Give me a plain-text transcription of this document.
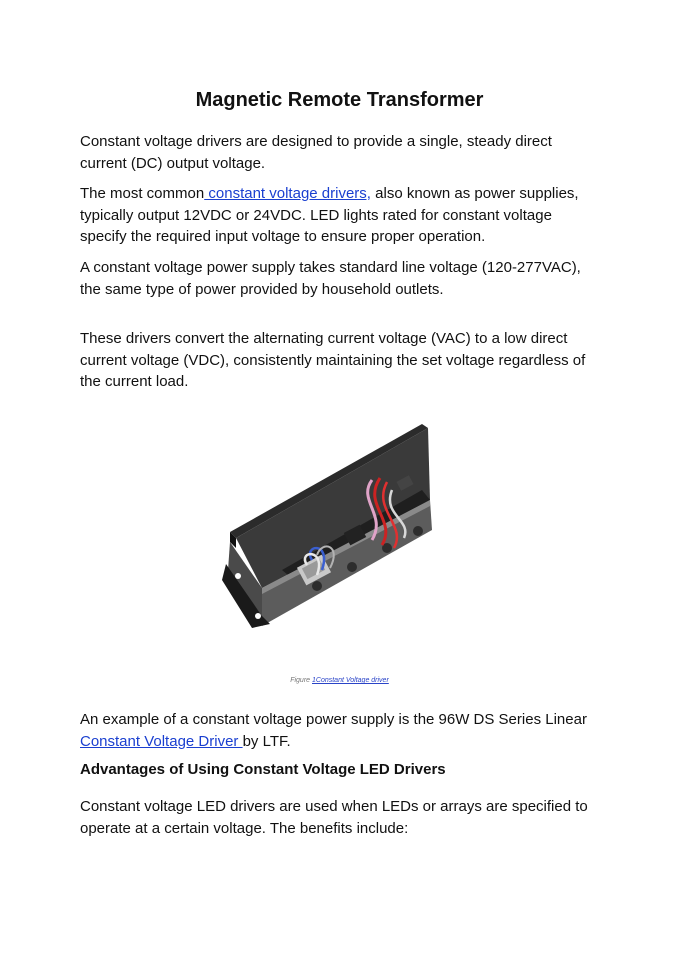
Magnetic Remote Transformer

Constant voltage drivers are designed to provide a single, steady direct current (DC) output voltage.

The most common constant voltage drivers, also known as power supplies, typically output 12VDC or 24VDC. LED lights rated for constant voltage specify the required input voltage to ensure proper operation.

A constant voltage power supply takes standard line voltage (120-277VAC), the same type of power provided by household outlets.

These drivers convert the alternating current voltage (VAC) to a low direct current voltage (VDC), consistently maintaining the set voltage regardless of the current load.

Figure 1Constant Voltage driver

An example of a constant voltage power supply is the 96W DS Series Linear Constant Voltage Driver by LTF.

Advantages of Using Constant Voltage LED Drivers

Constant voltage LED drivers are used when LEDs or arrays are specified to operate at a certain voltage. The benefits include:
